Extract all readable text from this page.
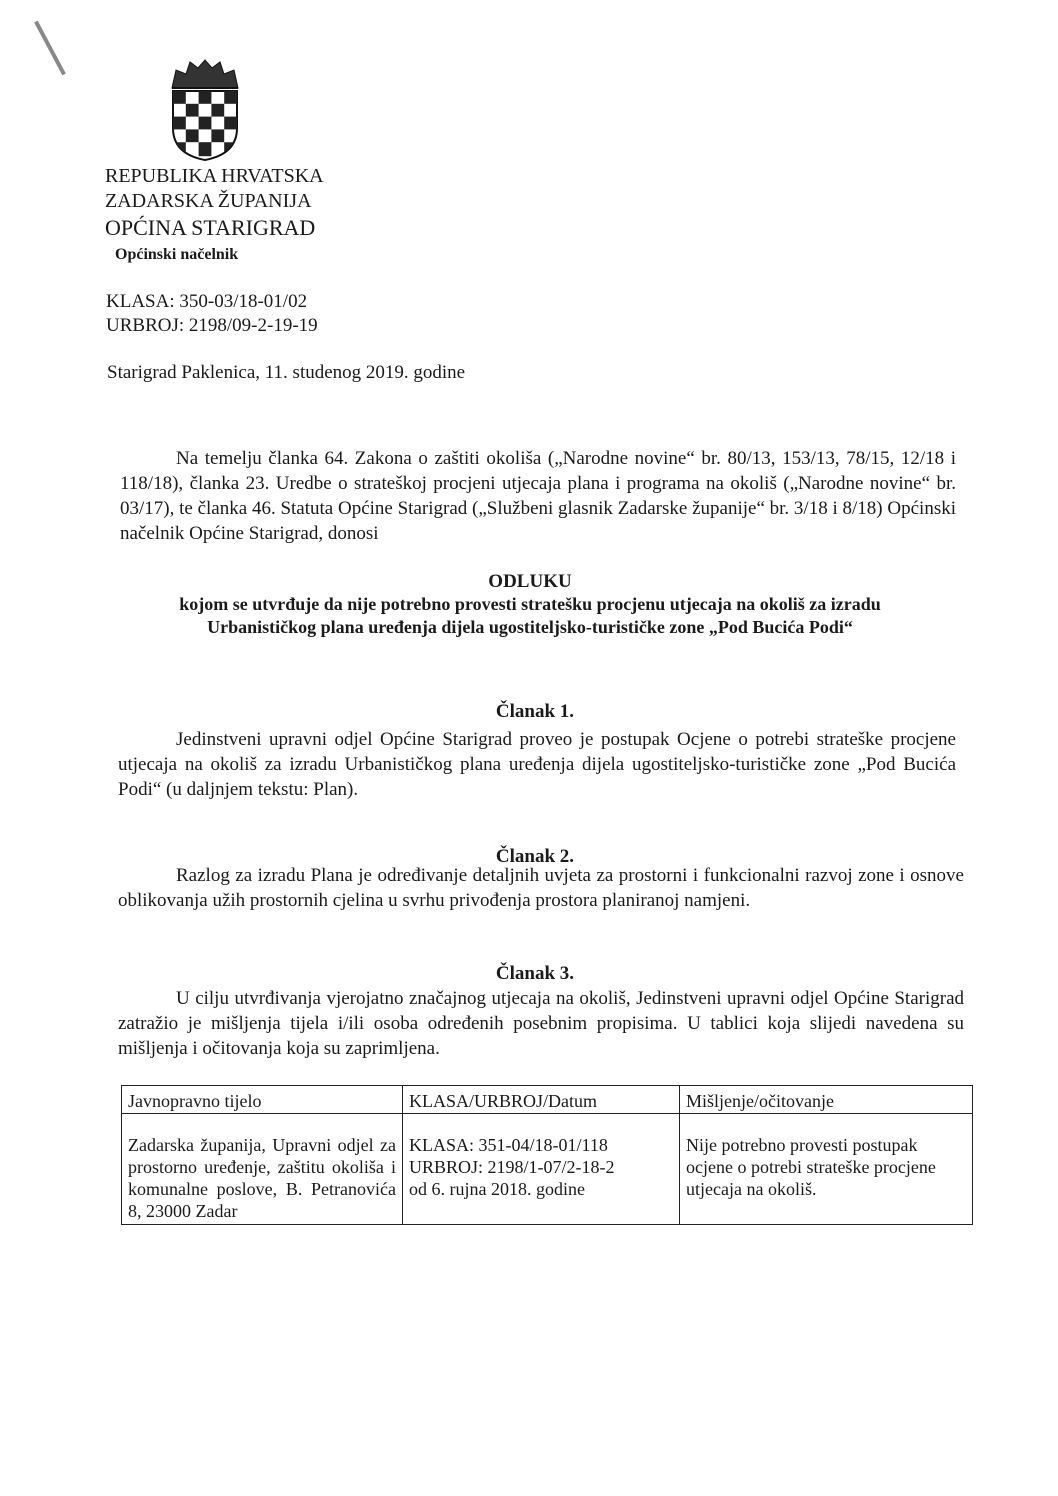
REPUBLIKA HRVATSKA
ZADARSKA ŽUPANIJA
OPĆINA STARIGRAD
Općinski načelnik
KLASA: 350-03/18-01/02
URBROJ: 2198/09-2-19-19
Starigrad Paklenica, 11. studenog 2019. godine
Na temelju članka 64. Zakona o zaštiti okoliša („Narodne novine“ br. 80/13, 153/13, 78/15, 12/18 i 118/18), članka 23. Uredbe o strateškoj procjeni utjecaja plana i programa na okoliš („Narodne novine“ br. 03/17), te članka 46. Statuta Općine Starigrad („Službeni glasnik Zadarske županije“ br. 3/18 i 8/18) Općinski načelnik Općine Starigrad, donosi
ODLUKU
kojom se utvrđuje da nije potrebno provesti stratešku procjenu utjecaja na okoliš za izradu
Urbanističkog plana uređenja dijela ugostiteljsko-turističke zone „Pod Bucića Podi“
Članak 1.
Jedinstveni upravni odjel Općine Starigrad proveo je postupak Ocjene o potrebi strateške procjene utjecaja na okoliš za izradu Urbanističkog plana uređenja dijela ugostiteljsko-turističke zone „Pod Bucića Podi“ (u daljnjem tekstu: Plan).
Članak 2.
Razlog za izradu Plana je određivanje detaljnih uvjeta za prostorni i funkcionalni razvoj zone i osnove oblikovanja užih prostornih cjelina u svrhu privođenja prostora planiranoj namjeni.
Članak 3.
U cilju utvrđivanja vjerojatno značajnog utjecaja na okoliš, Jedinstveni upravni odjel Općine Starigrad zatražio je mišljenja tijela i/ili osoba određenih posebnim propisima. U tablici koja slijedi navedena su mišljenja i očitovanja koja su zaprimljena.
Javnopravno tijelo	KLASA/URBROJ/Datum	Mišljenje/očitovanje
Zadarska županija, Upravni odjel za prostorno uređenje, zaštitu okoliša i komunalne poslove, B. Petranovića 8, 23000 Zadar	KLASA: 351-04/18-01/118
URBROJ: 2198/1-07/2-18-2
od 6. rujna 2018. godine	Nije potrebno provesti postupak ocjene o potrebi strateške procjene utjecaja na okoliš.
